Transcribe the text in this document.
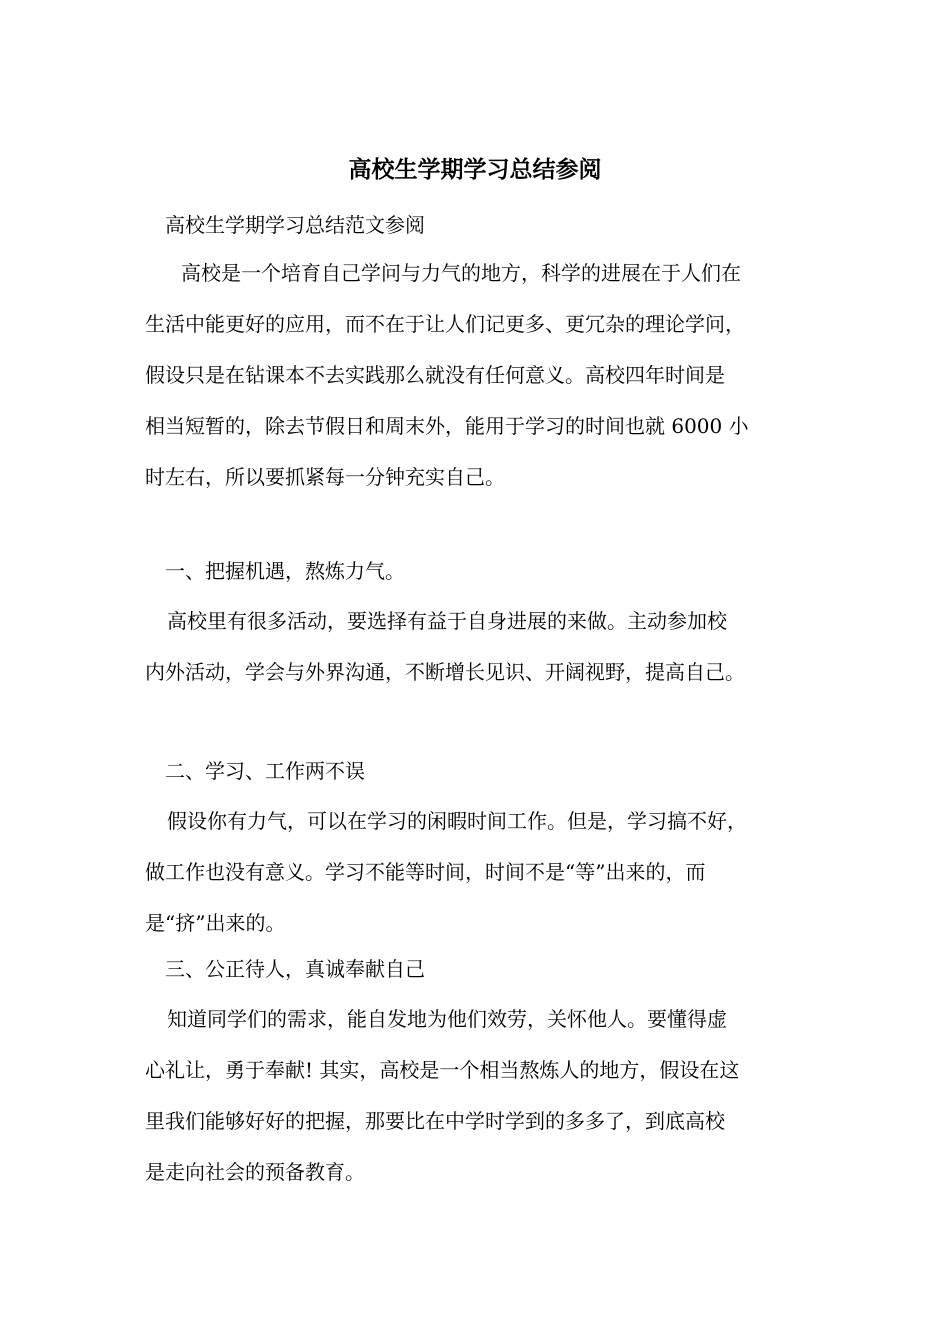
高校生学期学习总结参阅

高校生学期学习总结范文参阅

高校是一个培育自己学问与力气的地方，科学的进展在于人们在
生活中能更好的应用，而不在于让人们记更多、更冗杂的理论学问，
假设只是在钻课本不去实践那么就没有任何意义。高校四年时间是
相当短暂的，除去节假日和周末外，能用于学习的时间也就 6000 小
时左右，所以要抓紧每一分钟充实自己。

一、把握机遇，熬炼力气。

高校里有很多活动，要选择有益于自身进展的来做。主动参加校
内外活动，学会与外界沟通，不断增长见识、开阔视野，提高自己。

二、学习、工作两不误

假设你有力气，可以在学习的闲暇时间工作。但是，学习搞不好，
做工作也没有意义。学习不能等时间，时间不是“等”出来的，而
是“挤”出来的。

三、公正待人，真诚奉献自己

知道同学们的需求，能自发地为他们效劳，关怀他人。要懂得虚
心礼让，勇于奉献! 其实，高校是一个相当熬炼人的地方，假设在这
里我们能够好好的把握，那要比在中学时学到的多多了，到底高校
是走向社会的预备教育。
